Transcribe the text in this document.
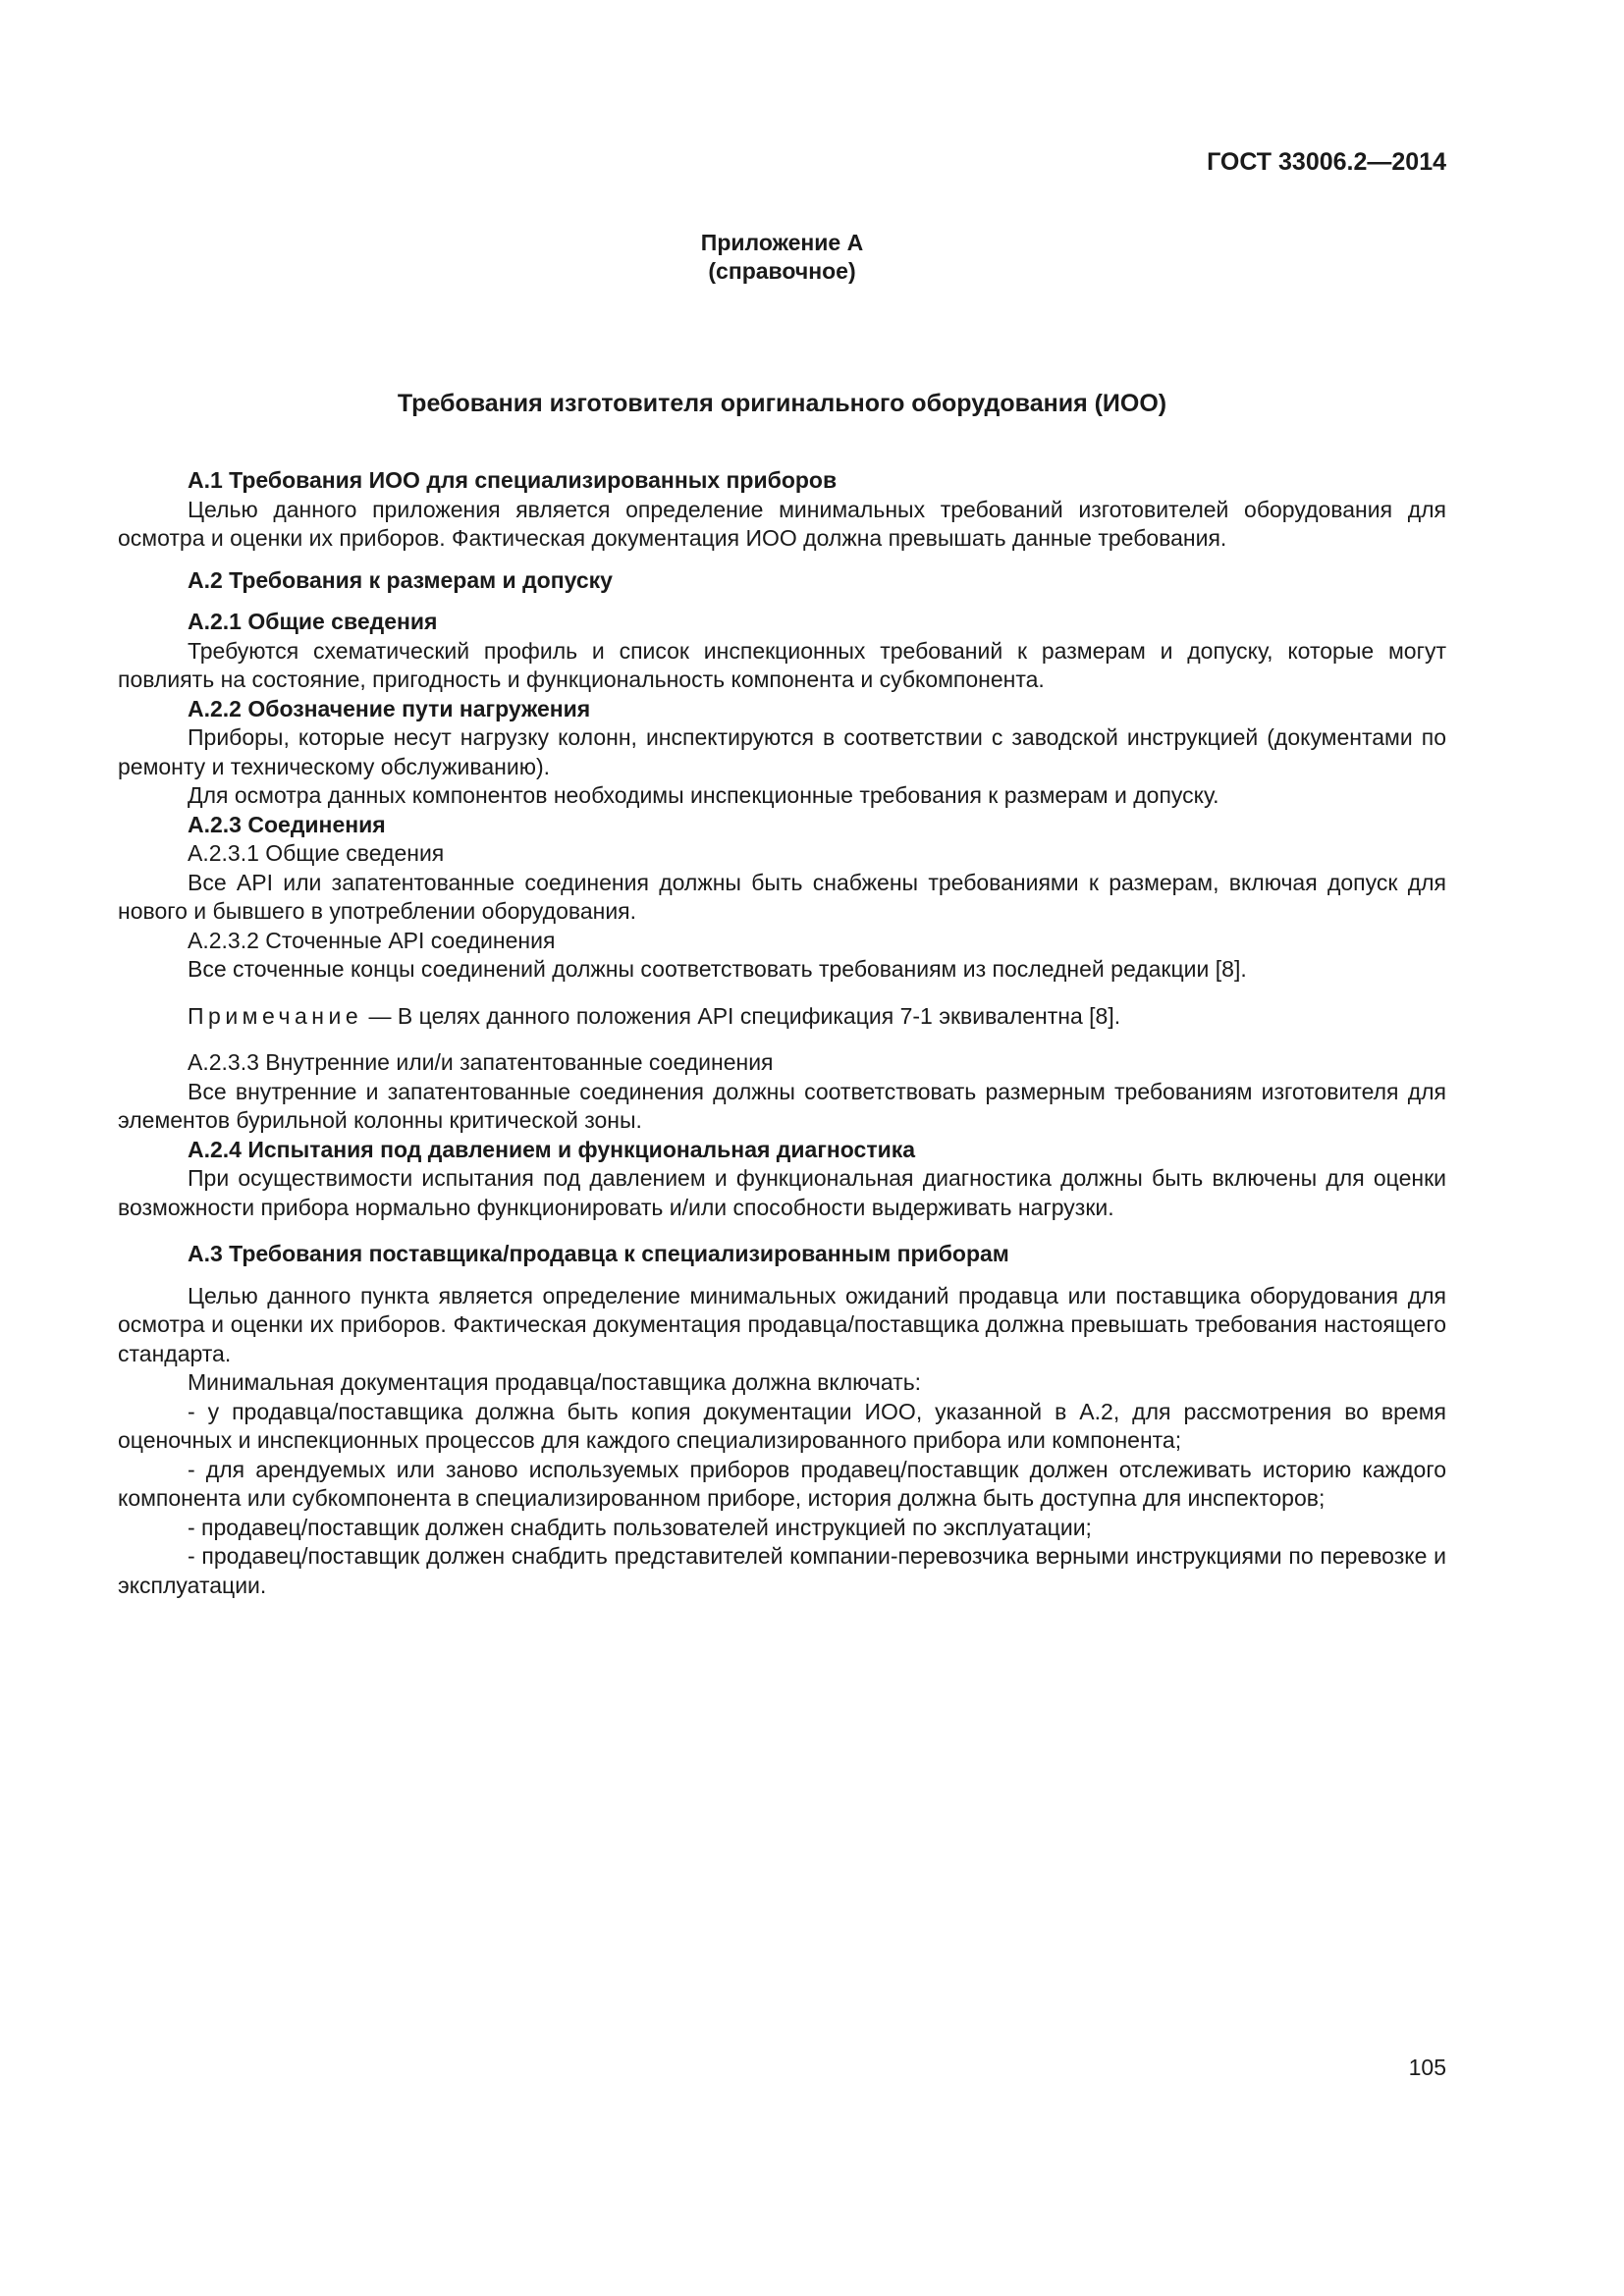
ГОСТ 33006.2—2014
Приложение А
(справочное)
Требования изготовителя оригинального оборудования (ИОО)

А.1 Требования ИОО для специализированных приборов

Целью данного приложения является определение минимальных требований изготовителей оборудования для осмотра и оценки их приборов. Фактическая документация ИОО должна превышать данные требования.

А.2 Требования к размерам и допуску

А.2.1 Общие сведения

Требуются схематический профиль и список инспекционных требований к размерам и допуску, которые могут повлиять на состояние, пригодность и функциональность компонента и субкомпонента.

А.2.2 Обозначение пути нагружения

Приборы, которые несут нагрузку колонн, инспектируются в соответствии с заводской инструкцией (документами по ремонту и техническому обслуживанию).

Для осмотра данных компонентов необходимы инспекционные требования к размерам и допуску.

А.2.3 Соединения

А.2.3.1 Общие сведения

Все API или запатентованные соединения должны быть снабжены требованиями к размерам, включая допуск для нового и бывшего в употреблении оборудования.

А.2.3.2 Сточенные API соединения

Все сточенные концы соединений должны соответствовать требованиям из последней редакции [8].

Примечание — В целях данного положения API спецификация 7-1 эквивалентна [8].

А.2.3.3 Внутренние или/и запатентованные соединения

Все внутренние и запатентованные соединения должны соответствовать размерным требованиям изготовителя для элементов бурильной колонны критической зоны.

А.2.4 Испытания под давлением и функциональная диагностика

При осуществимости испытания под давлением и функциональная диагностика должны быть включены для оценки возможности прибора нормально функционировать и/или способности выдерживать нагрузки.

А.3 Требования поставщика/продавца к специализированным приборам

Целью данного пункта является определение минимальных ожиданий продавца или поставщика оборудования для осмотра и оценки их приборов. Фактическая документация продавца/поставщика должна превышать требования настоящего стандарта.

Минимальная документация продавца/поставщика должна включать:

- у продавца/поставщика должна быть копия документации ИОО, указанной в А.2, для рассмотрения во время оценочных и инспекционных процессов для каждого специализированного прибора или компонента;

- для арендуемых или заново используемых приборов продавец/поставщик должен отслеживать историю каждого компонента или субкомпонента в специализированном приборе, история должна быть доступна для инспекторов;

- продавец/поставщик должен снабдить пользователей инструкцией по эксплуатации;

- продавец/поставщик должен снабдить представителей компании-перевозчика верными инструкциями по перевозке и эксплуатации.

105
